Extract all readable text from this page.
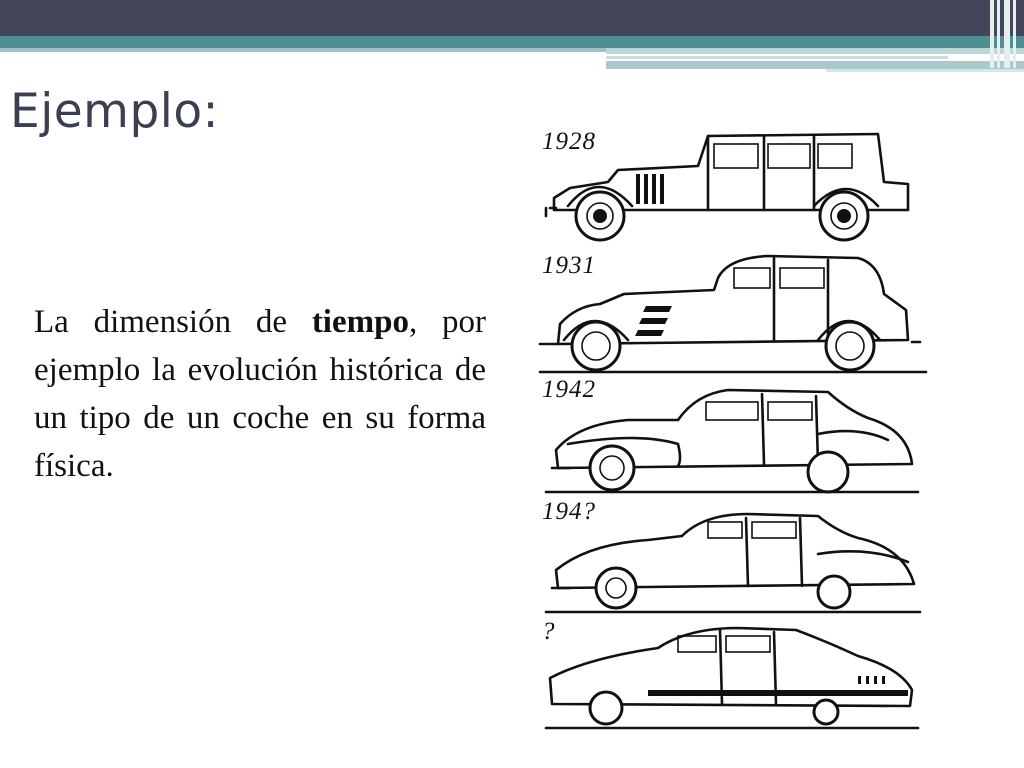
Ejemplo:

La dimensión de tiempo, por ejemplo la evolución histórica de un tipo de un coche en su forma física.

1928
1931
1942
194?
?
